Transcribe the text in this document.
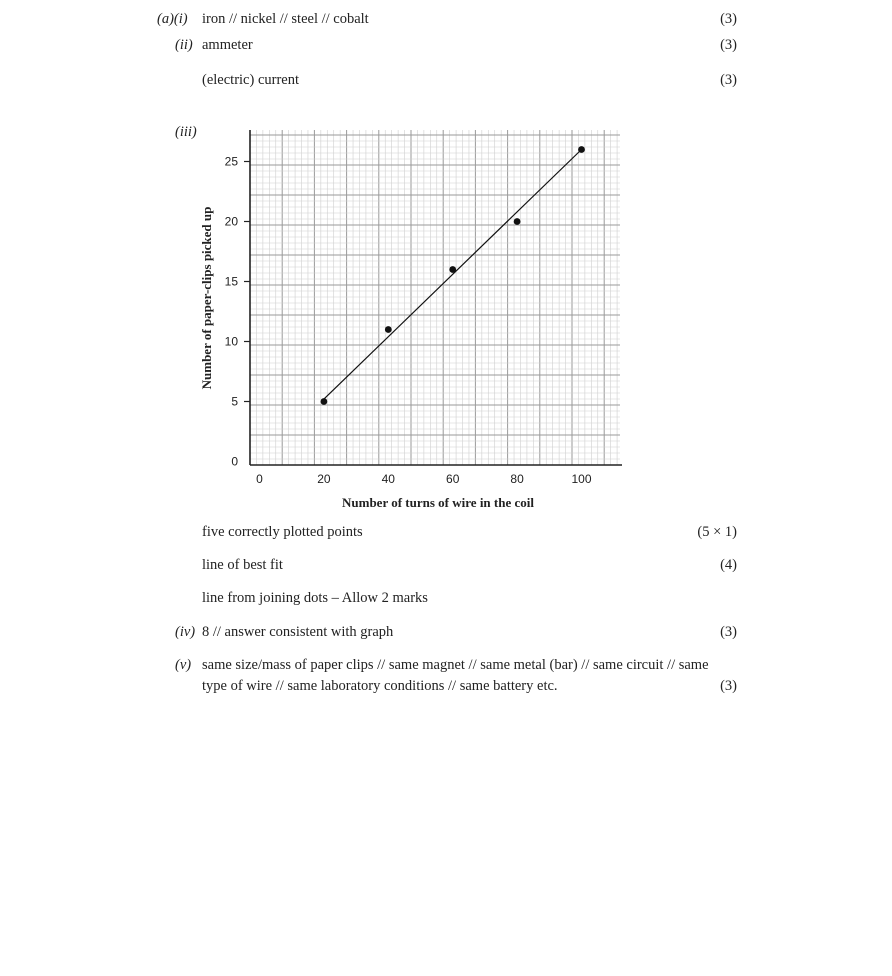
(a)(i) iron // nickel // steel // cobalt	(3)
(ii) ammeter	(3)
(electric) current	(3)
(iii)
0	20	40	60	80	100
0
5
10
15
20
25
Number of paper-clips picked up
Number of turns of wire in the coil
five correctly plotted points	(5 × 1)
line of best fit	(4)
line from joining dots – Allow 2 marks
(iv) 8 // answer consistent with graph	(3)
(v) same size/mass of paper clips // same magnet // same metal (bar) // same circuit // same
type of wire // same laboratory conditions // same battery etc.	(3)
